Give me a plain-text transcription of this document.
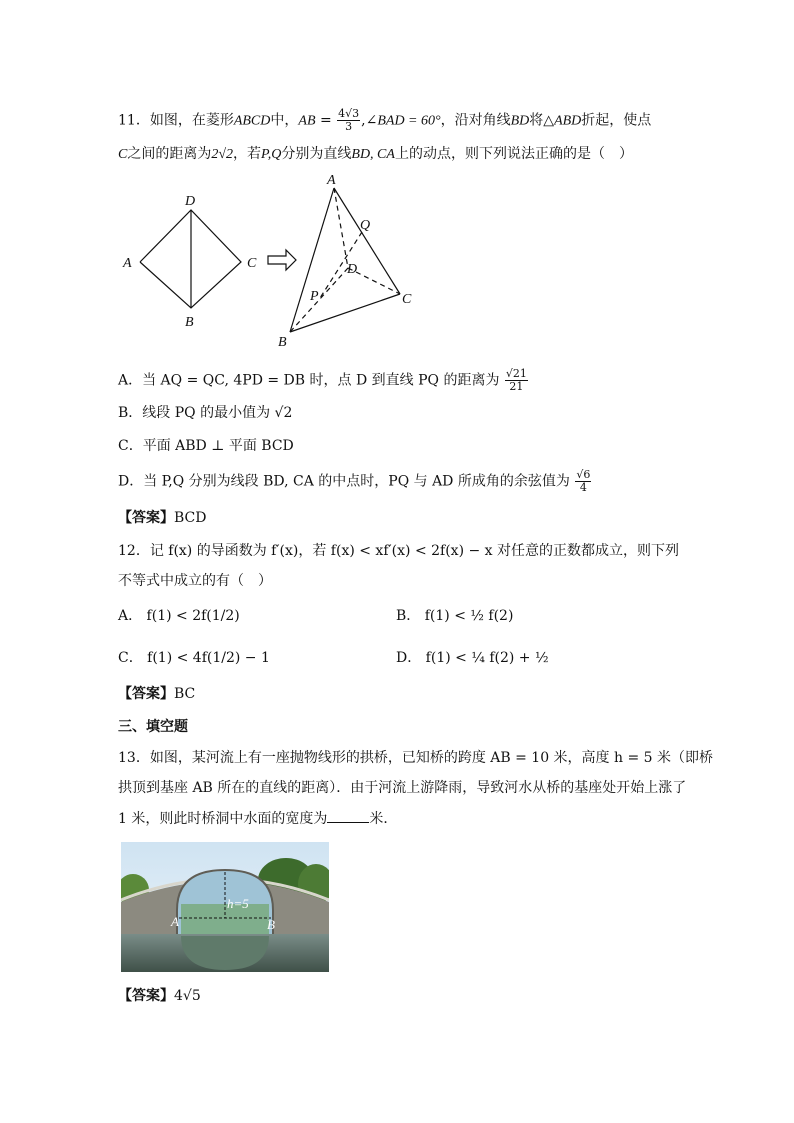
11．如图，在菱形ABCD中，AB = $\frac{4√3}{3}$ ,∠BAD = 60°，沿对角线BD将△ABD折起，使点
C之间的距离为2√2，若P,Q分别为直线BD, CA上的动点，则下列说法正确的是（　）
A
D
C
B
A
Q
D
C
P
B
A．当 AQ = QC, 4PD = DB 时，点 D 到直线 PQ 的距离为 $\frac{√21}{21}$
B．线段 PQ 的最小值为 √2
C．平面 ABD ⊥ 平面 BCD
D．当 P,Q 分别为线段 BD, CA 的中点时，PQ 与 AD 所成角的余弦值为 $\frac{√6}{4}$
【答案】BCD
12．记 f(x) 的导函数为 f′(x)，若 f(x) < xf′(x) < 2f(x) − x 对任意的正数都成立，则下列
不等式中成立的有（　）
A． f(1) < 2f(1/2)	B． f(1) < ½ f(2)
C． f(1) < 4f(1/2) − 1	D． f(1) < ¼ f(2) + ½
【答案】BC
三、填空题
13．如图，某河流上有一座抛物线形的拱桥，已知桥的跨度 AB = 10 米，高度 h = 5 米（即桥
拱顶到基座 AB 所在的直线的距离）．由于河流上游降雨，导致河水从桥的基座处开始上涨了
1 米，则此时桥洞中水面的宽度为	米．
h=5
A	B
【答案】4√5
